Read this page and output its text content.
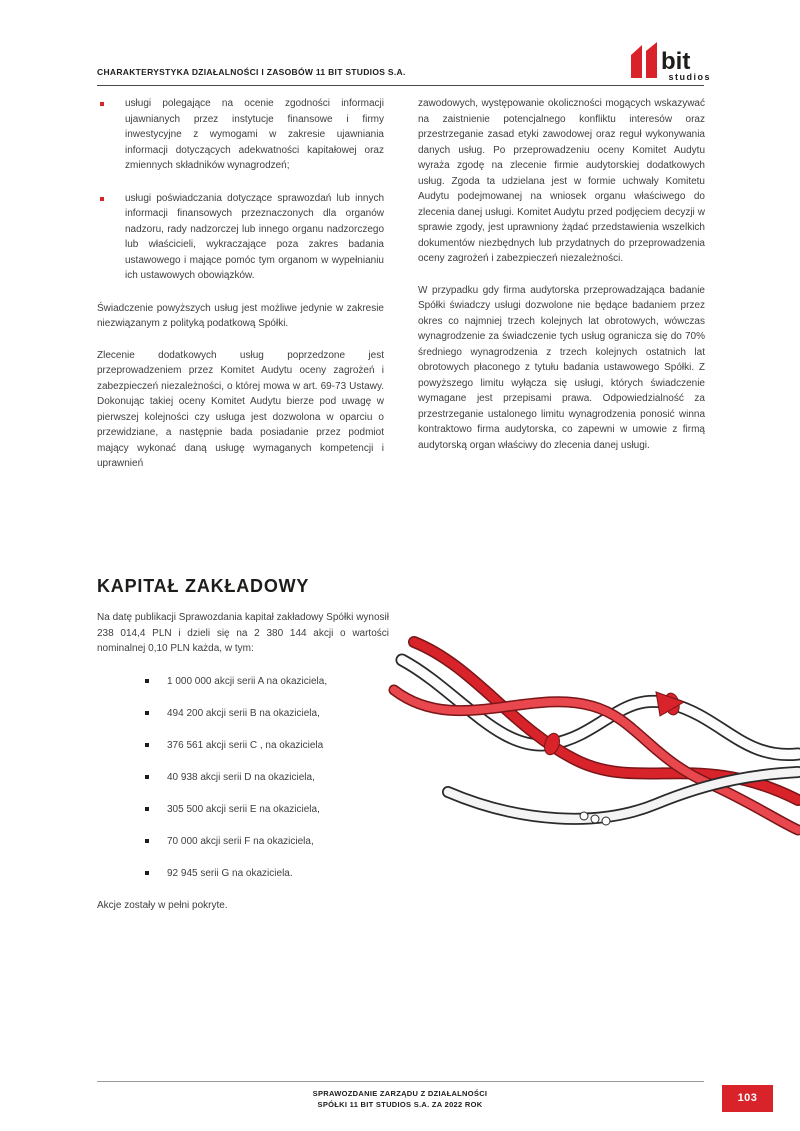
CHARAKTERYSTYKA DZIAŁALNOŚCI I ZASOBÓW 11 BIT STUDIOS S.A.	bit
studios

usługi polegające na ocenie zgodności informacji ujawnianych przez instytucje finansowe i firmy inwestycyjne z wymogami w zakresie ujawniania informacji dotyczących adekwatności kapitałowej oraz zmiennych składników wynagrodzeń;

usługi poświadczania dotyczące sprawozdań lub innych informacji finansowych przeznaczonych dla organów nadzoru, rady nadzorczej lub innego organu nadzorczego lub właścicieli, wykraczające poza zakres badania ustawowego i mające pomóc tym organom w wypełnianiu ich ustawowych obowiązków.

Świadczenie powyższych usług jest możliwe jedynie w zakresie niezwiązanym z polityką podatkową Spółki.

Zlecenie dodatkowych usług poprzedzone jest przeprowadzeniem przez Komitet Audytu oceny zagrożeń i zabezpieczeń niezależności, o której mowa w art. 69-73 Ustawy. Dokonując takiej oceny Komitet Audytu bierze pod uwagę w pierwszej kolejności czy usługa jest dozwolona w oparciu o przewidziane, a następnie bada posiadanie przez podmiot mający wykonać daną usługę wymaganych kompetencji i uprawnień

zawodowych, występowanie okoliczności mogących wskazywać na zaistnienie potencjalnego konfliktu interesów oraz przestrzeganie zasad etyki zawodowej oraz reguł wykonywania danych usług. Po przeprowadzeniu oceny Komitet Audytu wyraża zgodę na zlecenie firmie audytorskiej dodatkowych usług. Zgoda ta udzielana jest w formie uchwały Komitetu Audytu podejmowanej na wniosek organu właściwego do zlecenia danej usługi. Komitet Audytu przed podjęciem decyzji w sprawie zgody, jest uprawniony żądać przedstawienia wszelkich dokumentów niezbędnych lub przydatnych do przeprowadzenia oceny zagrożeń i zabezpieczeń niezależności.

W przypadku gdy firma audytorska przeprowadzająca badanie Spółki świadczy usługi dozwolone nie będące badaniem przez okres co najmniej trzech kolejnych lat obrotowych, wówczas wynagrodzenie za świadczenie tych usług ogranicza się do 70% średniego wynagrodzenia z trzech kolejnych ostatnich lat obrotowych płaconego z tytułu badania ustawowego Spółki. Z powyższego limitu wyłącza się usługi, których świadczenie wymagane jest przepisami prawa. Odpowiedzialność za przestrzeganie ustalonego limitu wynagrodzenia ponosić winna kontraktowo firma audytorska, co zapewni w umowie z firmą audytorską organ właściwy do zlecenia danej usługi.

KAPITAŁ ZAKŁADOWY

Na datę publikacji Sprawozdania kapitał zakładowy Spółki wynosił 238 014,4 PLN i dzieli się na 2 380 144 akcji o wartości nominalnej 0,10 PLN każda, w tym:

1 000 000 akcji serii A na okaziciela,
494 200 akcji serii B na okaziciela,
376 561 akcji serii C , na okaziciela
40 938 akcji serii D na okaziciela,
305 500 akcji serii E na okaziciela,
70 000 akcji serii F na okaziciela,
92 945 serii G na okaziciela.

Akcje zostały w pełni pokryte.

SPRAWOZDANIE ZARZĄDU Z DZIAŁALNOŚCI
SPÓŁKI 11 BIT STUDIOS S.A. ZA 2022 ROK
103
